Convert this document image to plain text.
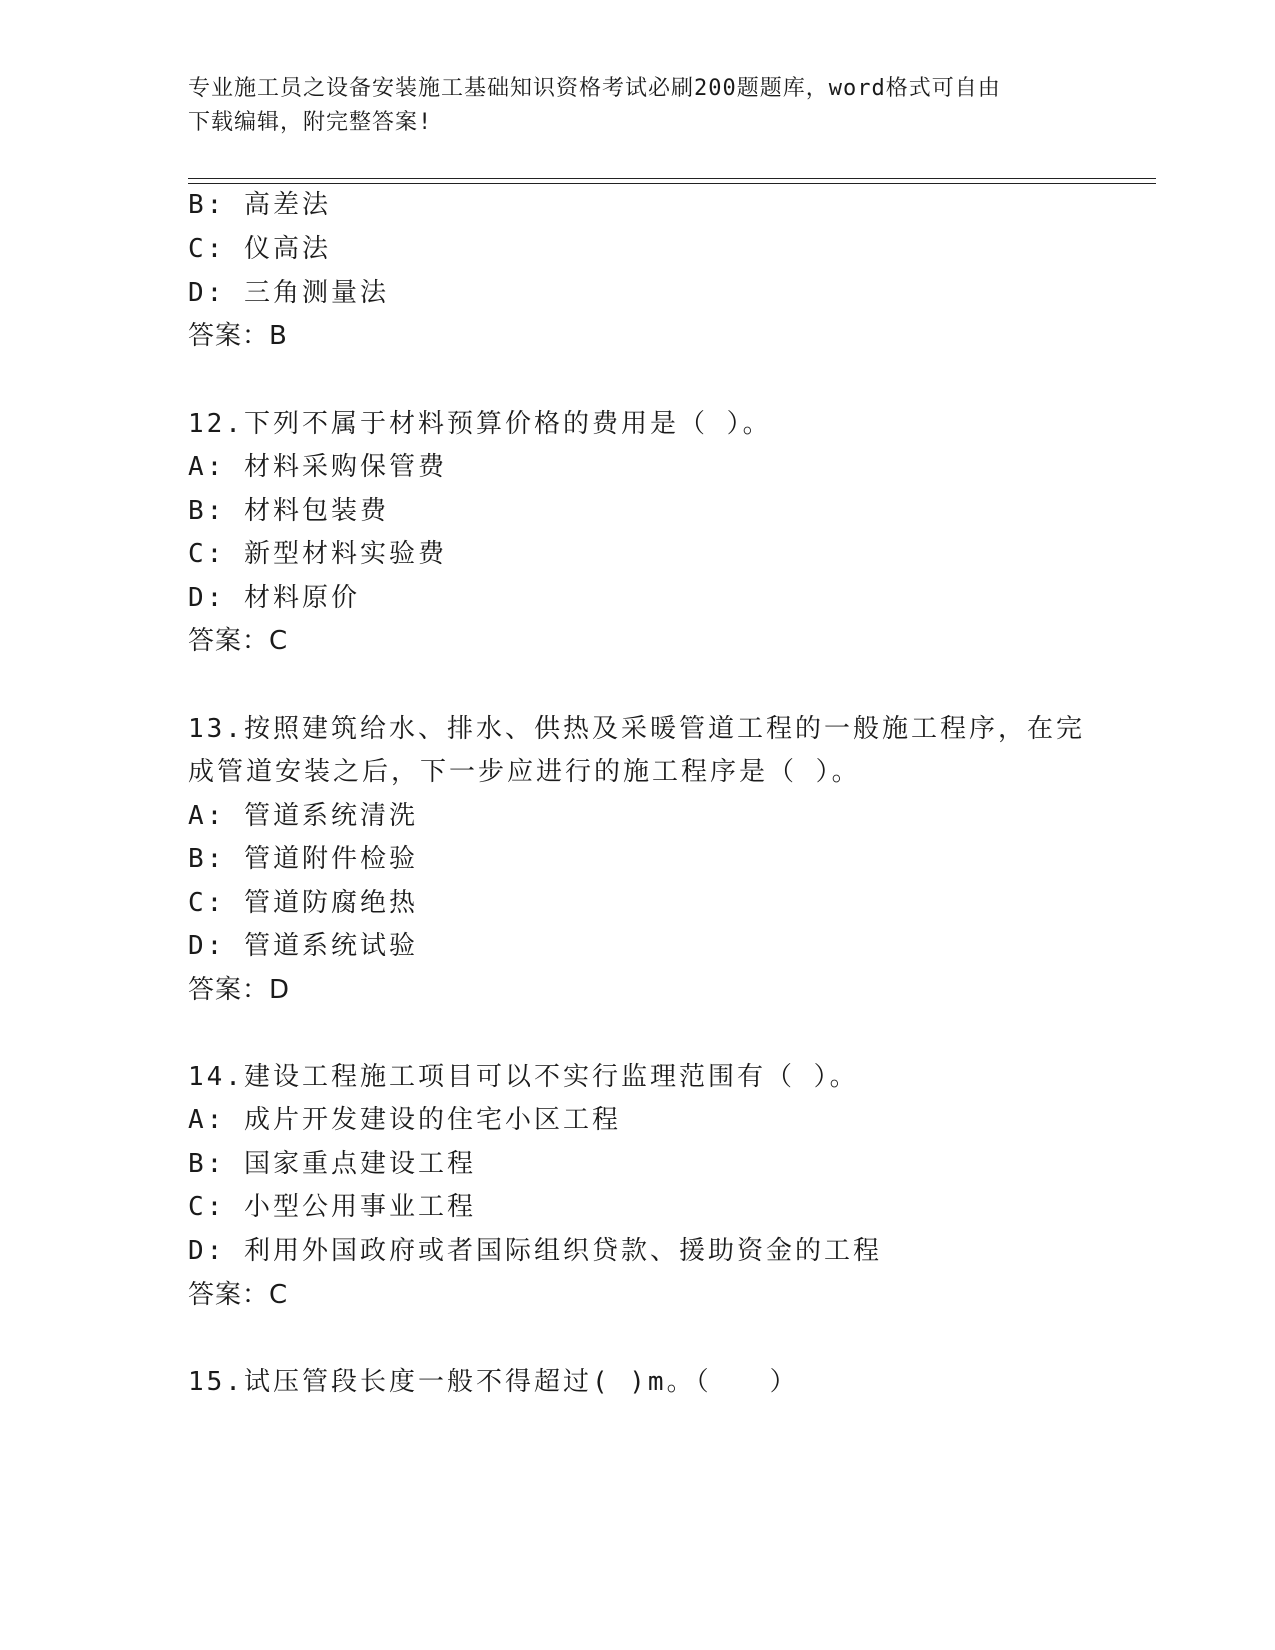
专业施工员之设备安装施工基础知识资格考试必刷200题题库，word格式可自由
下载编辑，附完整答案!
B: 高差法
C: 仪高法
D: 三角测量法
答案：B
12.下列不属于材料预算价格的费用是（ ）。
A: 材料采购保管费
B: 材料包装费
C: 新型材料实验费
D: 材料原价
答案：C
13.按照建筑给水、排水、供热及采暖管道工程的一般施工程序，在完
成管道安装之后，下一步应进行的施工程序是（ ）。
A: 管道系统清洗
B: 管道附件检验
C: 管道防腐绝热
D: 管道系统试验
答案：D
14.建设工程施工项目可以不实行监理范围有（ ）。
A: 成片开发建设的住宅小区工程
B: 国家重点建设工程
C: 小型公用事业工程
D: 利用外国政府或者国际组织贷款、援助资金的工程
答案：C
15.试压管段长度一般不得超过( )m。（　　）
